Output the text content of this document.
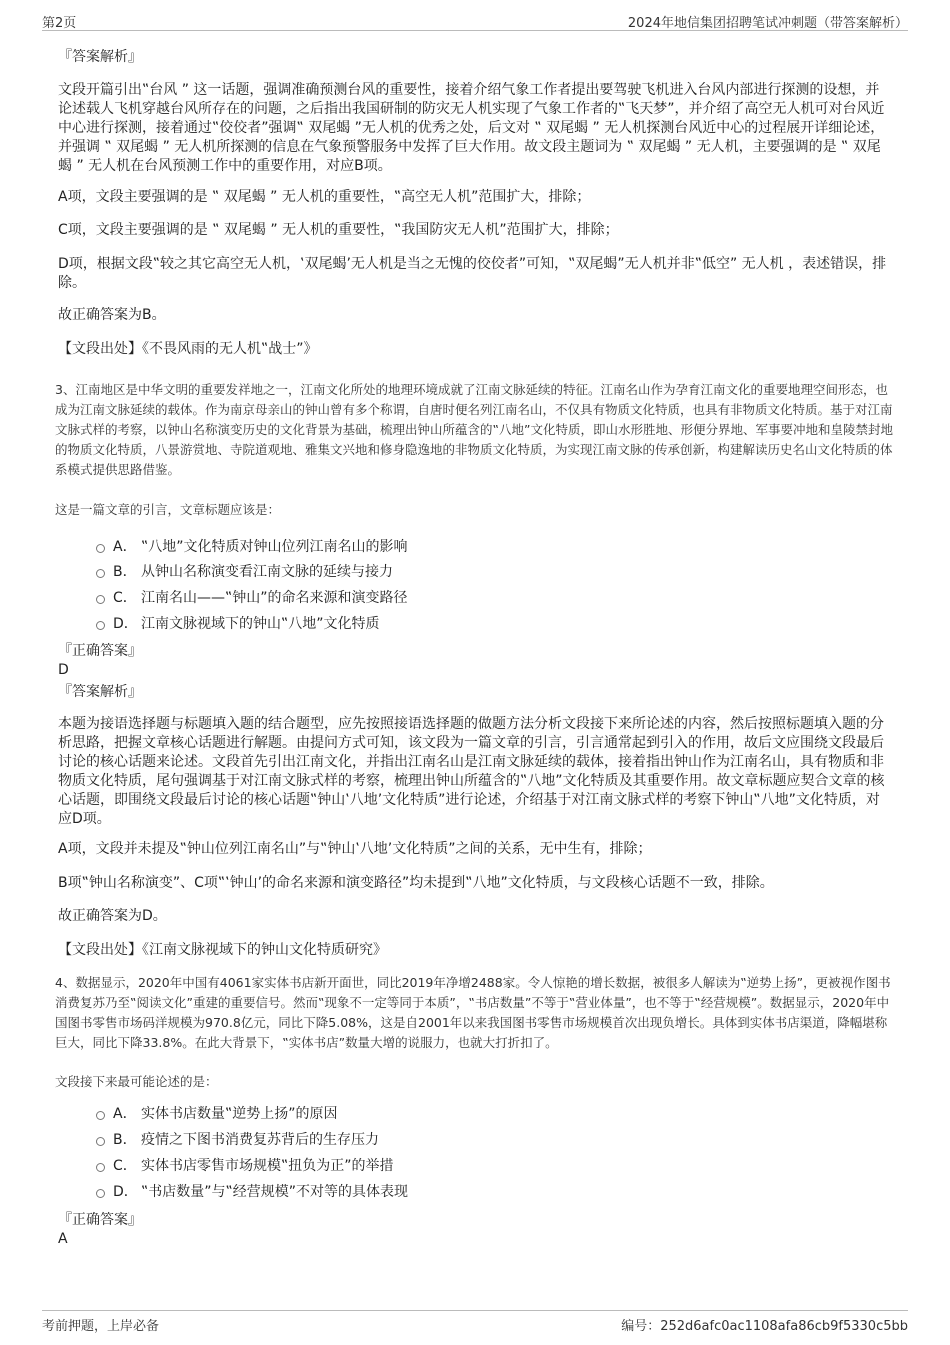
第2页	2024年地信集团招聘笔试冲刺题（带答案解析）
『答案解析』
文段开篇引出‟台风 ” 这一话题，强调准确预测台风的重要性，接着介绍气象工作者提出要驾驶飞机进入台风内部进行探测的设想，并论述载人飞机穿越台风所存在的问题，之后指出我国研制的防灾无人机实现了气象工作者的‟飞天梦”，并介绍了高空无人机可对台风近中心进行探测，接着通过‟佼佼者”强调‟ 双尾蝎 ”无人机的优秀之处，后文对 ‟ 双尾蝎 ” 无人机探测台风近中心的过程展开详细论述，并强调 ‟ 双尾蝎 ” 无人机所探测的信息在气象预警服务中发挥了巨大作用。故文段主题词为 ‟ 双尾蝎 ” 无人机，主要强调的是 ‟ 双尾蝎 ” 无人机在台风预测工作中的重要作用，对应B项。
A项，文段主要强调的是 ‟ 双尾蝎 ” 无人机的重要性，‟高空无人机”范围扩大，排除；
C项，文段主要强调的是 ‟ 双尾蝎 ” 无人机的重要性，‟我国防灾无人机”范围扩大，排除；
D项，根据文段‟较之其它高空无人机，‛双尾蝎’无人机是当之无愧的佼佼者”可知，‟双尾蝎”无人机并非‟低空” 无人机 ，表述错误，排除。
故正确答案为B。
【文段出处】《不畏风雨的无人机‟战士”》
3、江南地区是中华文明的重要发祥地之一，江南文化所处的地理环境成就了江南文脉延续的特征。江南名山作为孕育江南文化的重要地理空间形态，也成为江南文脉延续的载体。作为南京母亲山的钟山曾有多个称谓，自唐时便名列江南名山，不仅具有物质文化特质，也具有非物质文化特质。基于对江南文脉式样的考察，以钟山名称演变历史的文化背景为基础，梳理出钟山所蕴含的‟八地”文化特质，即山水形胜地、形便分界地、军事要冲地和皇陵禁封地的物质文化特质，八景游赏地、寺院道观地、雅集文兴地和修身隐逸地的非物质文化特质，为实现江南文脉的传承创新，构建解读历史名山文化特质的体系模式提供思路借鉴。
这是一篇文章的引言，文章标题应该是：
A． ‟八地”文化特质对钟山位列江南名山的影响
B． 从钟山名称演变看江南文脉的延续与接力
C． 江南名山——‟钟山”的命名来源和演变路径
D． 江南文脉视域下的钟山‟八地”文化特质
『正确答案』
D
『答案解析』
本题为接语选择题与标题填入题的结合题型，应先按照接语选择题的做题方法分析文段接下来所论述的内容，然后按照标题填入题的分析思路，把握文章核心话题进行解题。由提问方式可知，该文段为一篇文章的引言，引言通常起到引入的作用，故后文应围绕文段最后讨论的核心话题来论述。文段首先引出江南文化，并指出江南名山是江南文脉延续的载体，接着指出钟山作为江南名山，具有物质和非物质文化特质，尾句强调基于对江南文脉式样的考察，梳理出钟山所蕴含的‟八地”文化特质及其重要作用。故文章标题应契合文章的核心话题，即围绕文段最后讨论的核心话题‟钟山‛八地’文化特质”进行论述，介绍基于对江南文脉式样的考察下钟山‟八地”文化特质，对应D项。
A项，文段并未提及‟钟山位列江南名山”与‟钟山‛八地’文化特质”之间的关系，无中生有，排除；
B项‟钟山名称演变”、C项‟‛钟山’的命名来源和演变路径”均未提到‟八地”文化特质，与文段核心话题不一致，排除。
故正确答案为D。
【文段出处】《江南文脉视域下的钟山文化特质研究》
4、数据显示，2020年中国有4061家实体书店新开面世，同比2019年净增2488家。令人惊艳的增长数据，被很多人解读为‟逆势上扬”，更被视作图书消费复苏乃至‟阅读文化”重建的重要信号。然而‟现象不一定等同于本质”，‟书店数量”不等于‟营业体量”，也不等于‟经营规模”。数据显示，2020年中国图书零售市场码洋规模为970.8亿元，同比下降5.08%，这是自2001年以来我国图书零售市场规模首次出现负增长。具体到实体书店渠道，降幅堪称巨大，同比下降33.8%。在此大背景下，‟实体书店”数量大增的说服力，也就大打折扣了。
文段接下来最可能论述的是：
A． 实体书店数量‟逆势上扬”的原因
B． 疫情之下图书消费复苏背后的生存压力
C． 实体书店零售市场规模‟扭负为正”的举措
D． ‟书店数量”与‟经营规模”不对等的具体表现
『正确答案』
A
考前押题，上岸必备	编号：252d6afc0ac1108afa86cb9f5330c5bb
